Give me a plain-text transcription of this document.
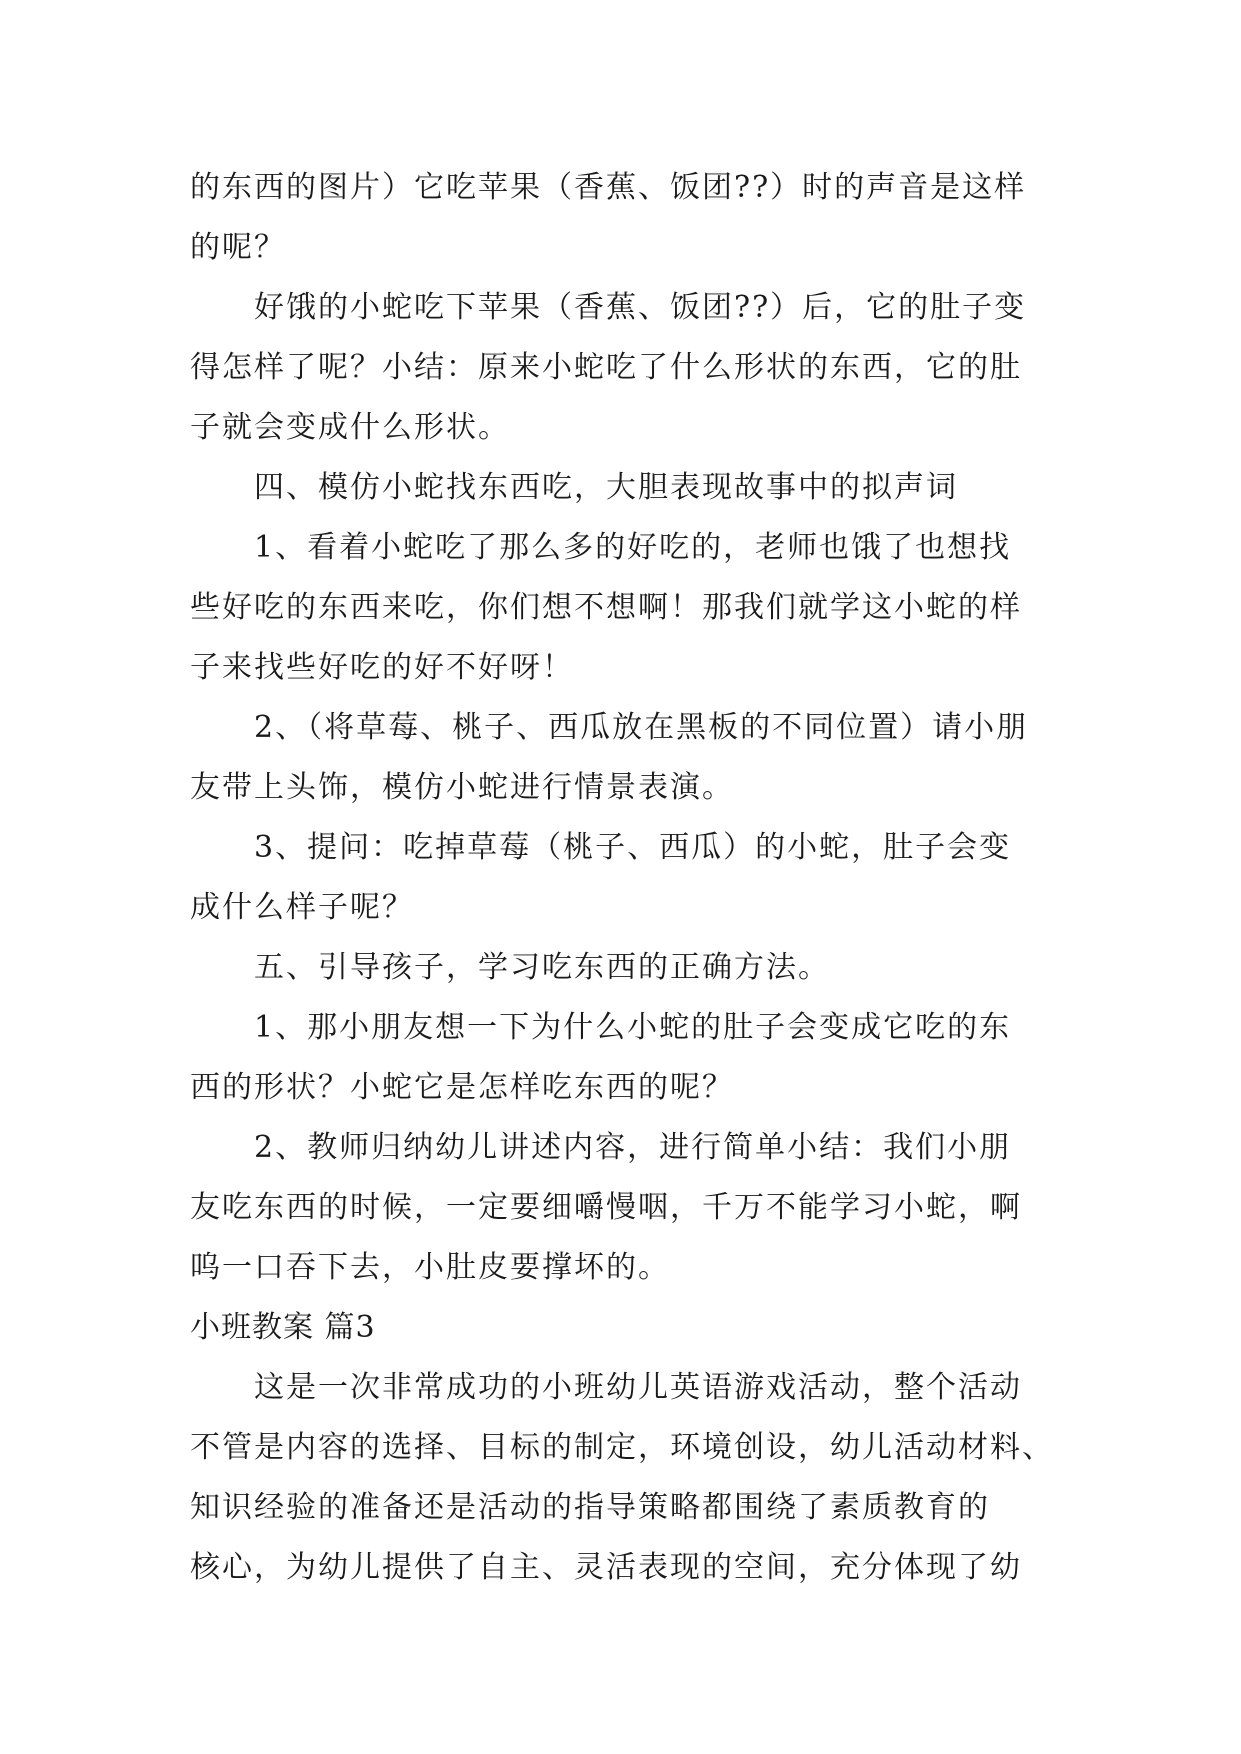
的东西的图片）它吃苹果（香蕉、饭团??）时的声音是这样
的呢？
好饿的小蛇吃下苹果（香蕉、饭团??）后，它的肚子变
得怎样了呢？小结：原来小蛇吃了什么形状的东西，它的肚
子就会变成什么形状。
四、模仿小蛇找东西吃，大胆表现故事中的拟声词
1、看着小蛇吃了那么多的好吃的，老师也饿了也想找
些好吃的东西来吃，你们想不想啊！那我们就学这小蛇的样
子来找些好吃的好不好呀！
2、（将草莓、桃子、西瓜放在黑板的不同位置）请小朋
友带上头饰，模仿小蛇进行情景表演。
3、提问：吃掉草莓（桃子、西瓜）的小蛇，肚子会变
成什么样子呢？
五、引导孩子，学习吃东西的正确方法。
1、那小朋友想一下为什么小蛇的肚子会变成它吃的东
西的形状？小蛇它是怎样吃东西的呢？
2、教师归纳幼儿讲述内容，进行简单小结：我们小朋
友吃东西的时候，一定要细嚼慢咽，千万不能学习小蛇，啊
呜一口吞下去，小肚皮要撑坏的。
小班教案 篇3
这是一次非常成功的小班幼儿英语游戏活动，整个活动
不管是内容的选择、目标的制定，环境创设，幼儿活动材料、
知识经验的准备还是活动的指导策略都围绕了素质教育的
核心，为幼儿提供了自主、灵活表现的空间，充分体现了幼
